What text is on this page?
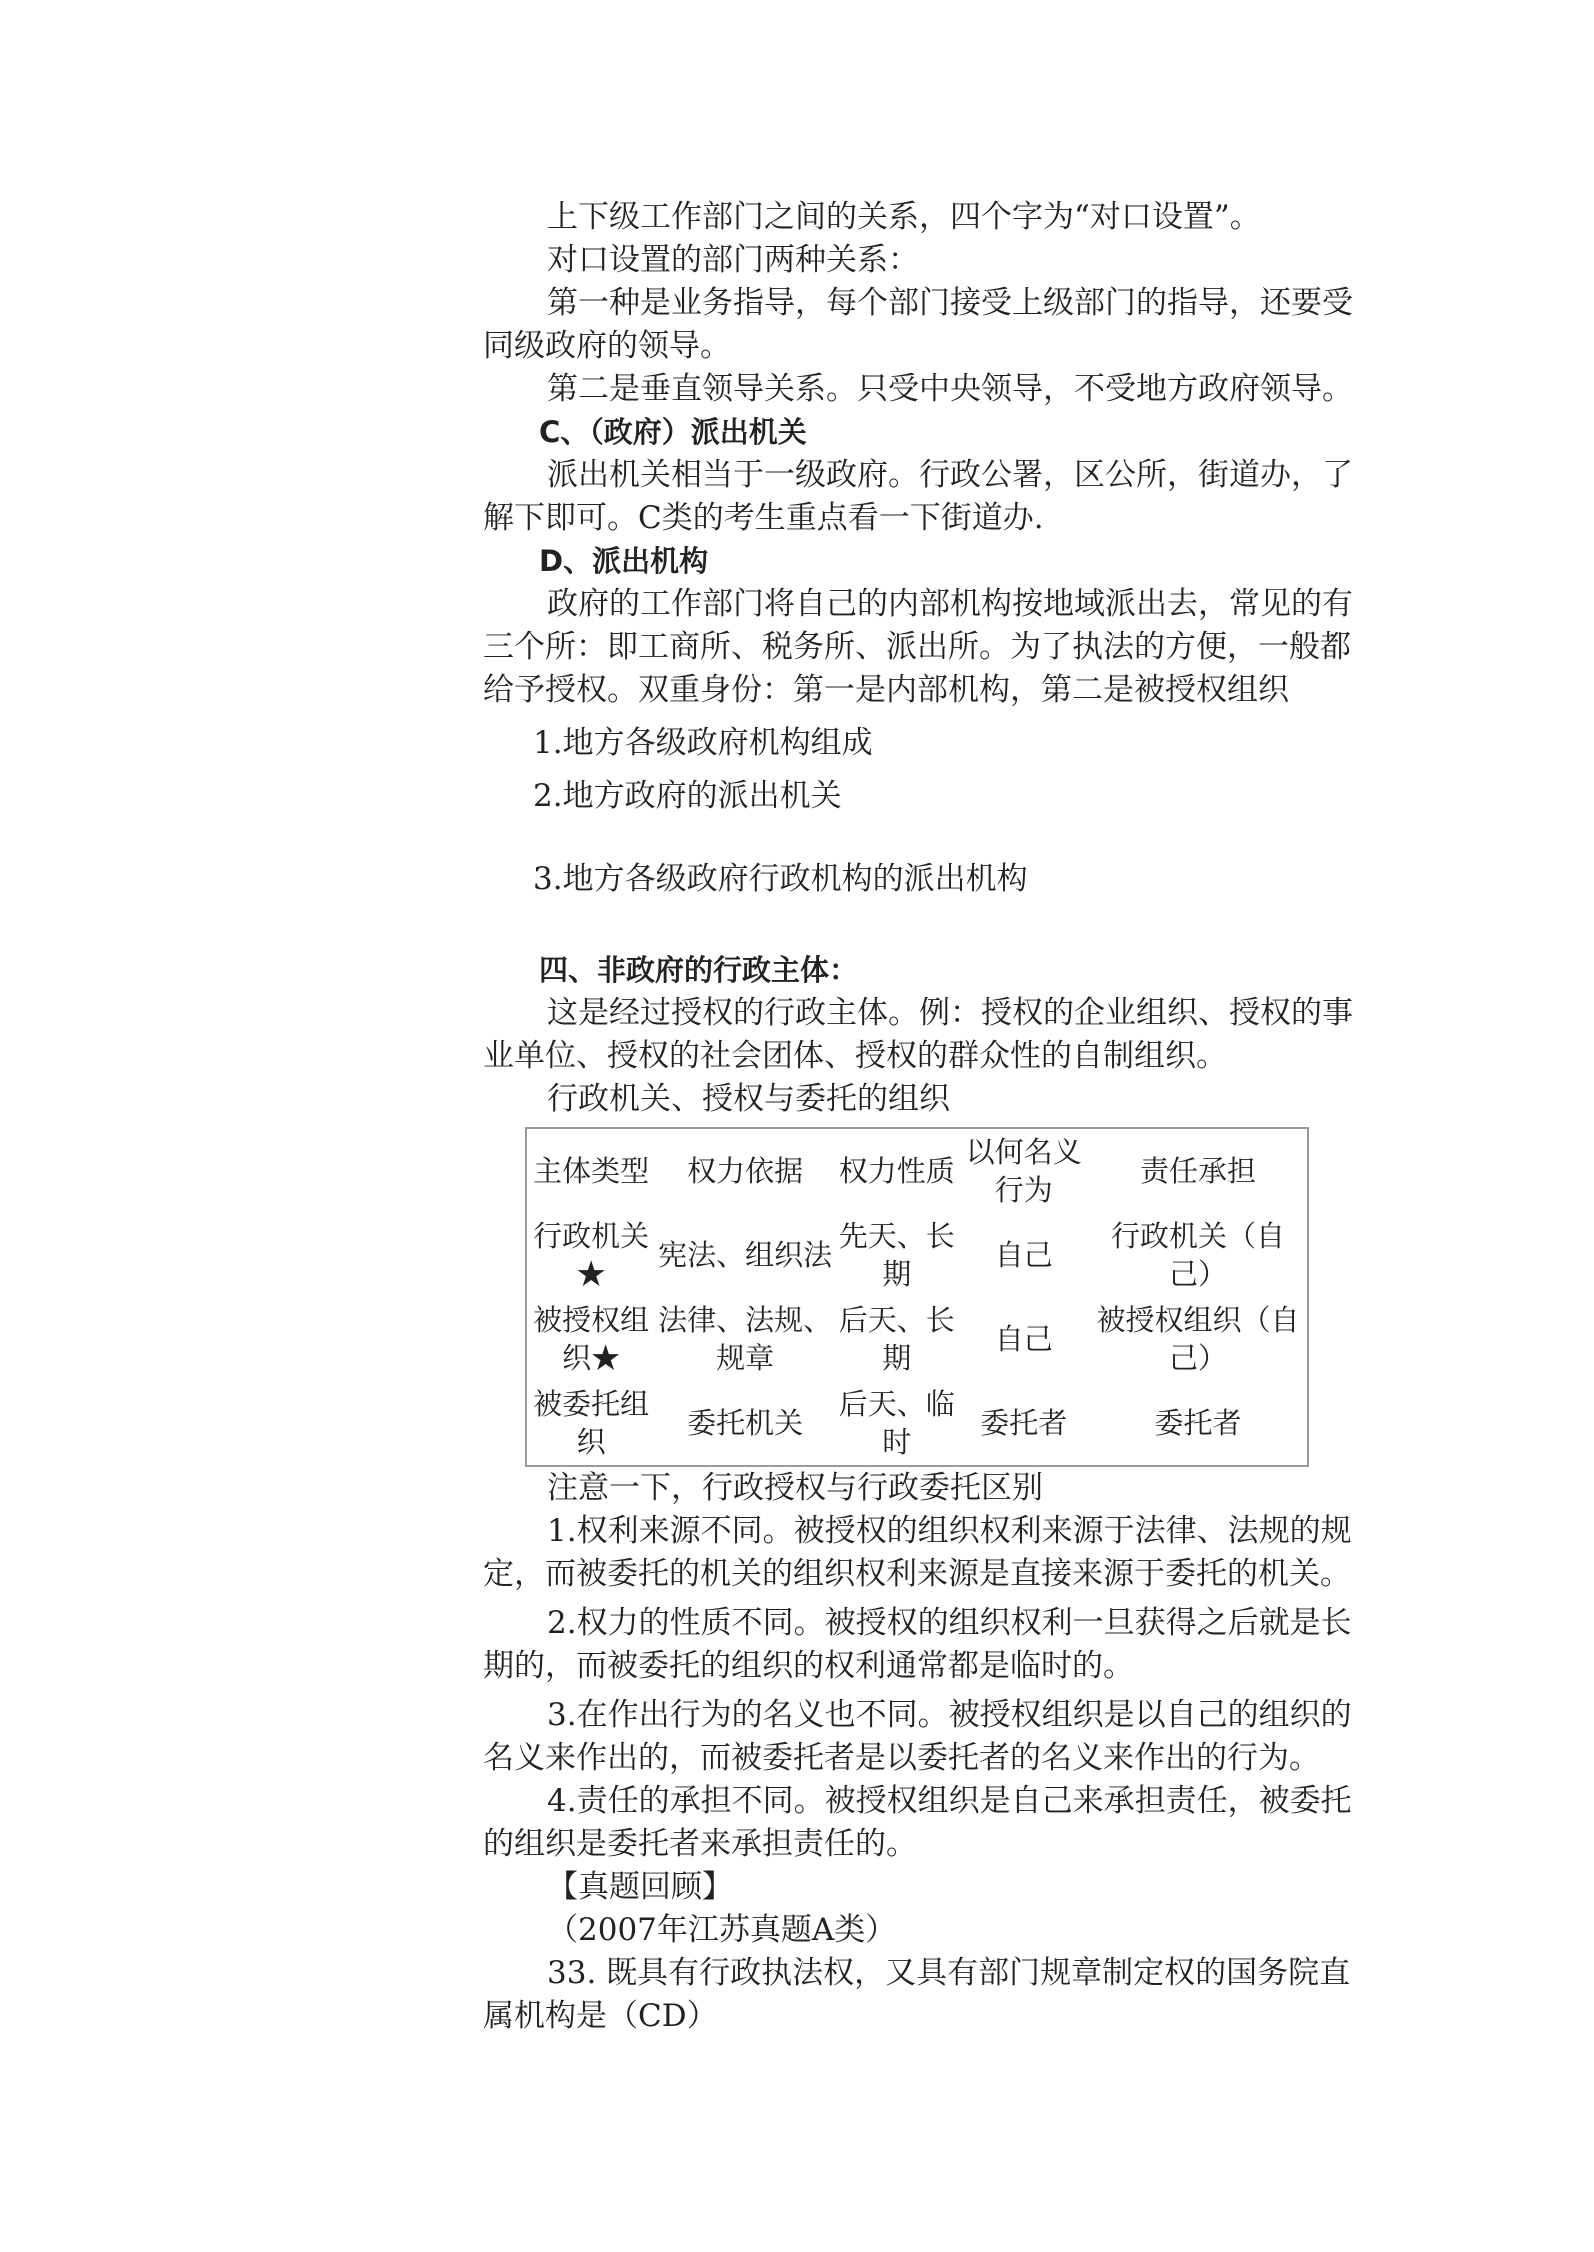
上下级工作部门之间的关系，四个字为“对口设置”。

对口设置的部门两种关系：

第一种是业务指导，每个部门接受上级部门的指导，还要受同级政府的领导。

第二是垂直领导关系。只受中央领导，不受地方政府领导。

C、（政府）派出机关

派出机关相当于一级政府。行政公署，区公所，街道办，了解下即可。C类的考生重点看一下街道办.

D、派出机构

政府的工作部门将自己的内部机构按地域派出去，常见的有三个所：即工商所、税务所、派出所。为了执法的方便，一般都给予授权。双重身份：第一是内部机构，第二是被授权组织

1.地方各级政府机构组成

2.地方政府的派出机关

3.地方各级政府行政机构的派出机构

四、非政府的行政主体：

这是经过授权的行政主体。例：授权的企业组织、授权的事业单位、授权的社会团体、授权的群众性的自制组织。

行政机关、授权与委托的组织

主体类型	权力依据	权力性质	以何名义行为	责任承担
行政机关★	宪法、组织法	先天、长期	自己	行政机关（自己）
被授权组织★	法律、法规、规章	后天、长期	自己	被授权组织（自己）
被委托组织	委托机关	后天、临时	委托者	委托者

注意一下，行政授权与行政委托区别

1.权利来源不同。被授权的组织权利来源于法律、法规的规定，而被委托的机关的组织权利来源是直接来源于委托的机关。

2.权力的性质不同。被授权的组织权利一旦获得之后就是长期的，而被委托的组织的权利通常都是临时的。

3.在作出行为的名义也不同。被授权组织是以自己的组织的名义来作出的，而被委托者是以委托者的名义来作出的行为。

4.责任的承担不同。被授权组织是自己来承担责任，被委托的组织是委托者来承担责任的。

【真题回顾】

（2007年江苏真题A类）

33. 既具有行政执法权，又具有部门规章制定权的国务院直属机构是（CD）
